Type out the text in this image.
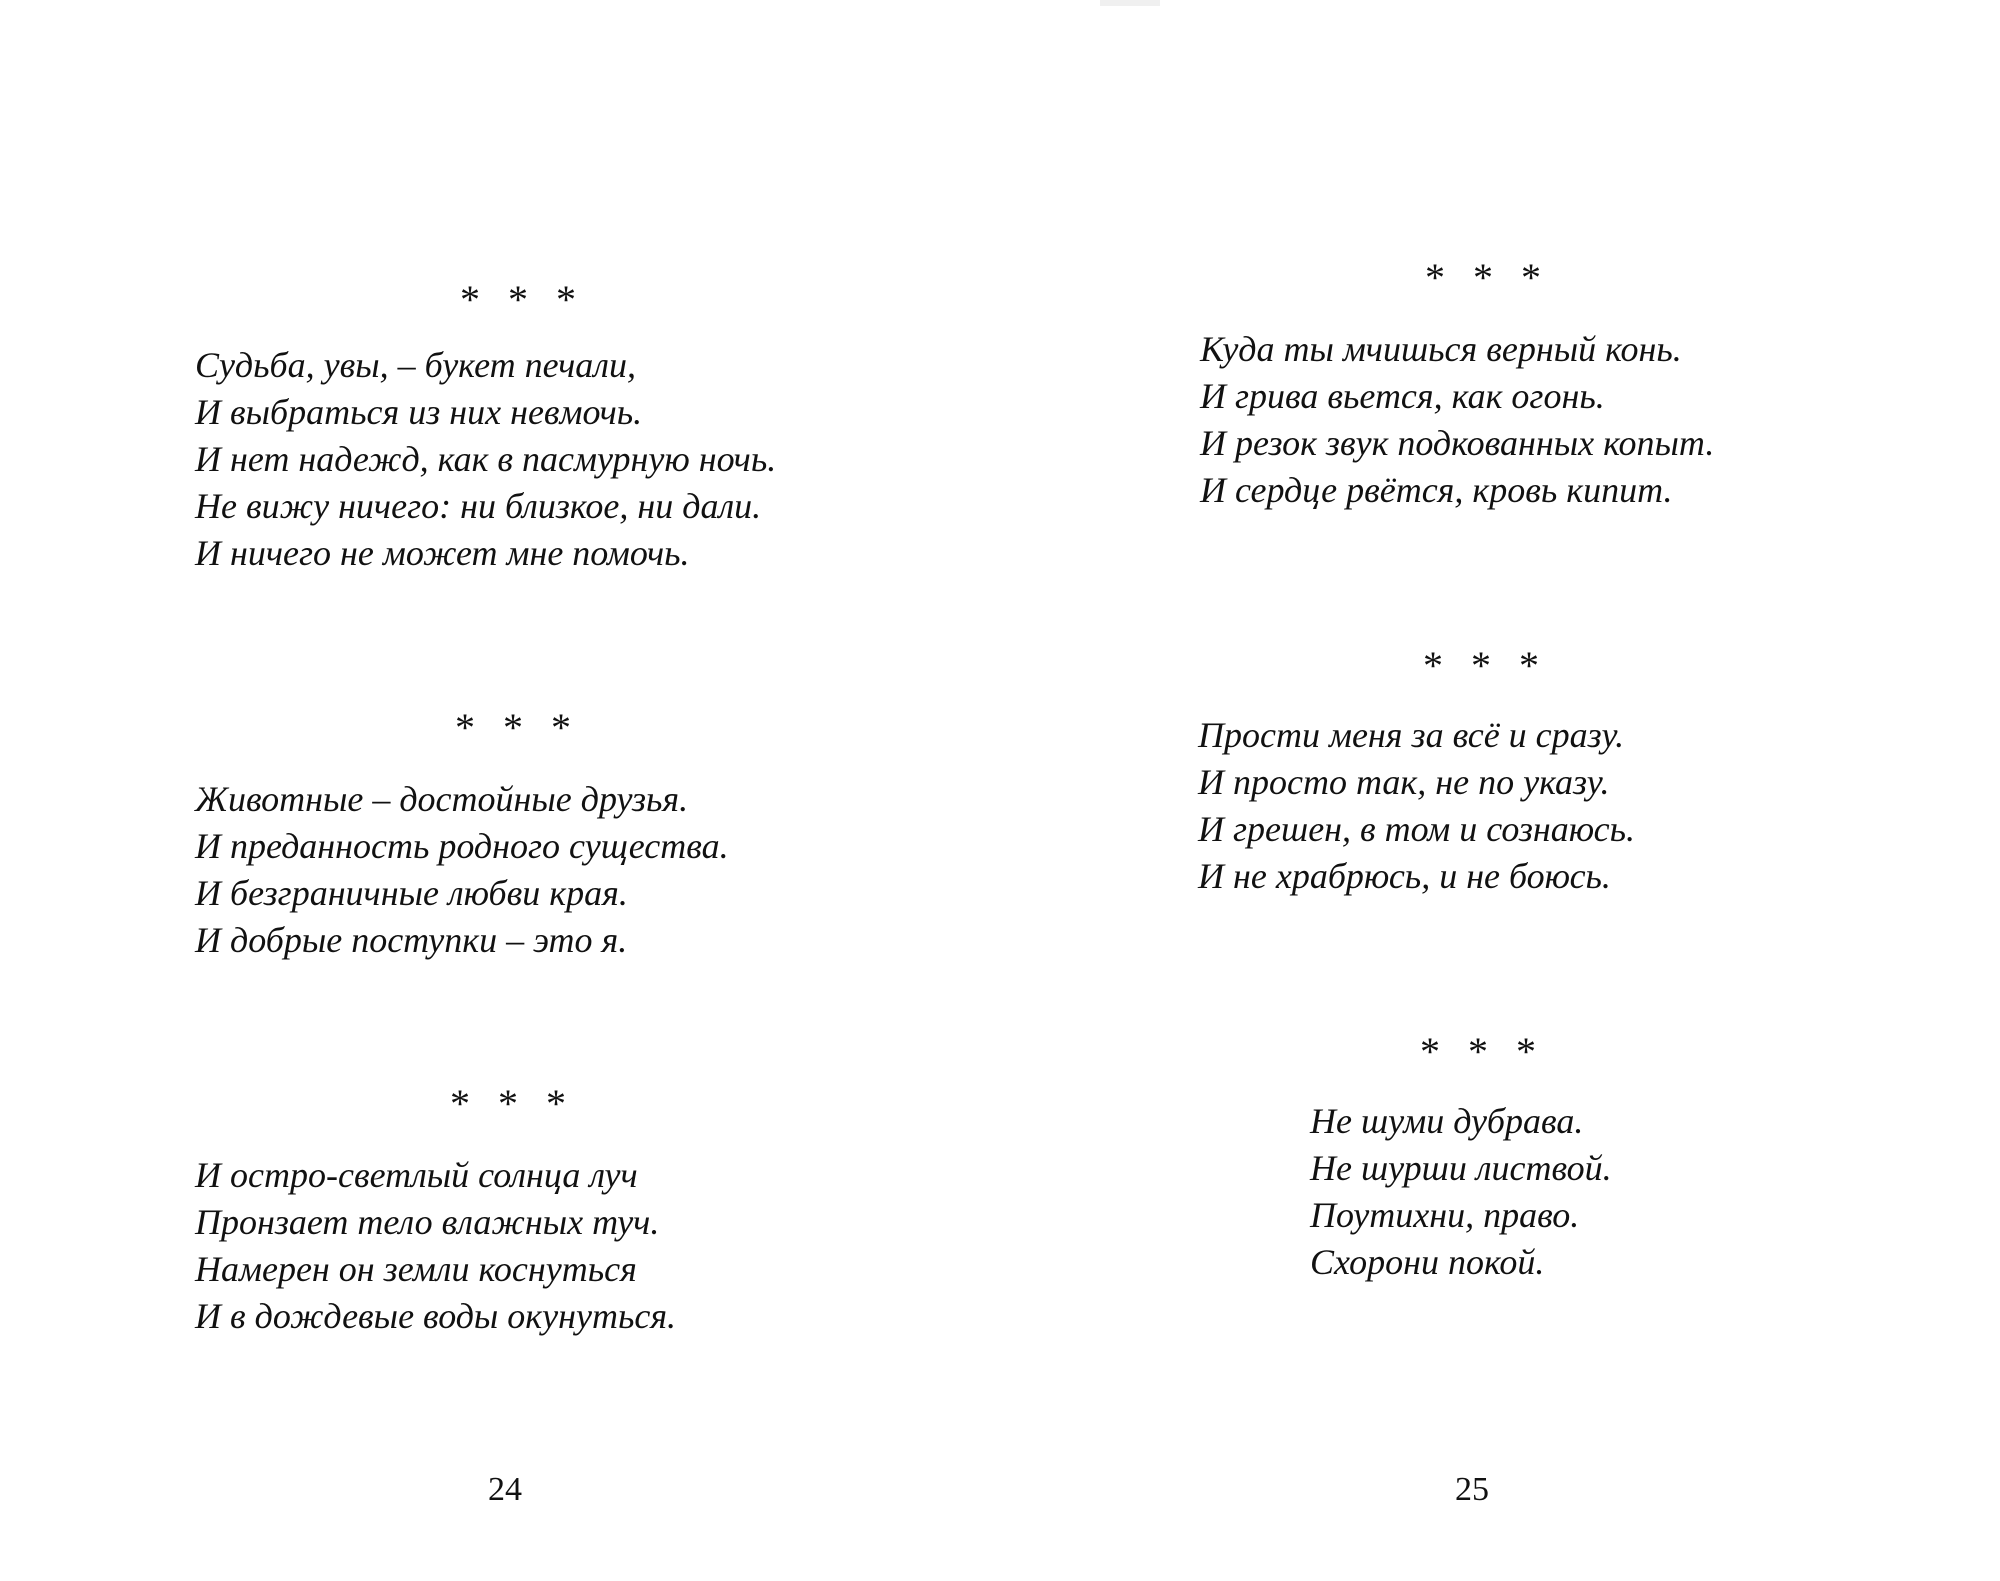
* * *
Судьба, увы, – букет печали,
И выбраться из них невмочь.
И нет надежд, как в пасмурную ночь.
Не вижу ничего: ни близкое, ни дали.
И ничего не может мне помочь.
* * *
Животные – достойные друзья.
И преданность родного существа.
И безграничные любви края.
И добрые поступки – это я.
* * *
И остро-светлый солнца луч
Пронзает тело влажных туч.
Намерен он земли коснуться
И в дождевые воды окунуться.
24
* * *
Куда ты мчишься верный конь.
И грива вьется, как огонь.
И резок звук подкованных копыт.
И сердце рвётся, кровь кипит.
* * *
Прости меня за всё и сразу.
И просто так, не по указу.
И грешен, в том и сознаюсь.
И не храбрюсь, и не боюсь.
* * *
Не шуми дубрава.
Не шурши листвой.
Поутихни, право.
Схорони покой.
25
